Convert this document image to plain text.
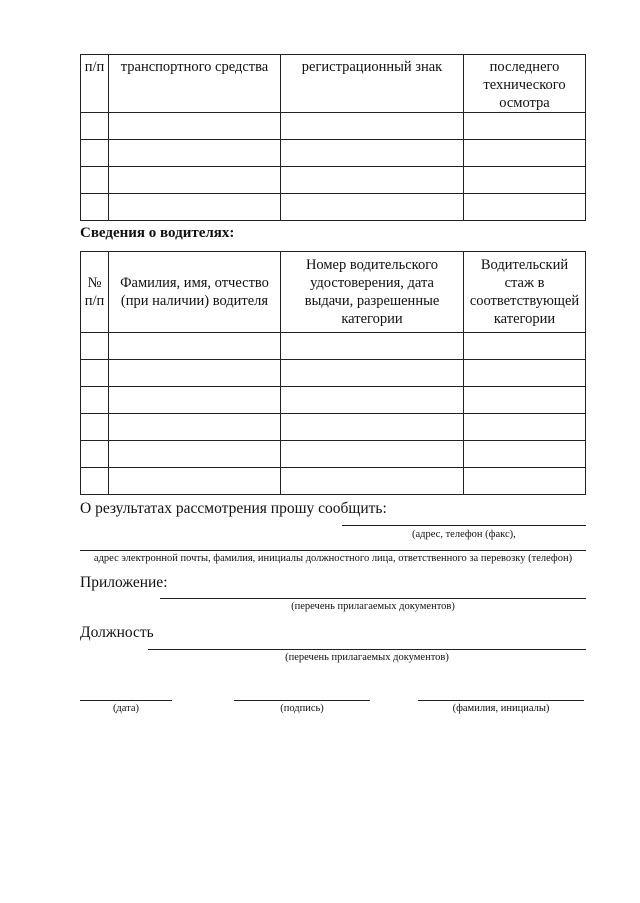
п/п	транспортного средства	регистрационный знак	последнего технического осмотра

Сведения о водителях:
№ п/п	Фамилия, имя, отчество (при наличии) водителя	Номер водительского удостоверения, дата выдачи, разрешенные категории	Водительский стаж в соответствующей категории

О результатах рассмотрения прошу сообщить:
(адрес, телефон (факс),
адрес электронной почты, фамилия, инициалы должностного лица, ответственного за перевозку (телефон)
Приложение:
(перечень прилагаемых документов)
Должность
(перечень прилагаемых документов)
(дата)	(подпись)	(фамилия, инициалы)
